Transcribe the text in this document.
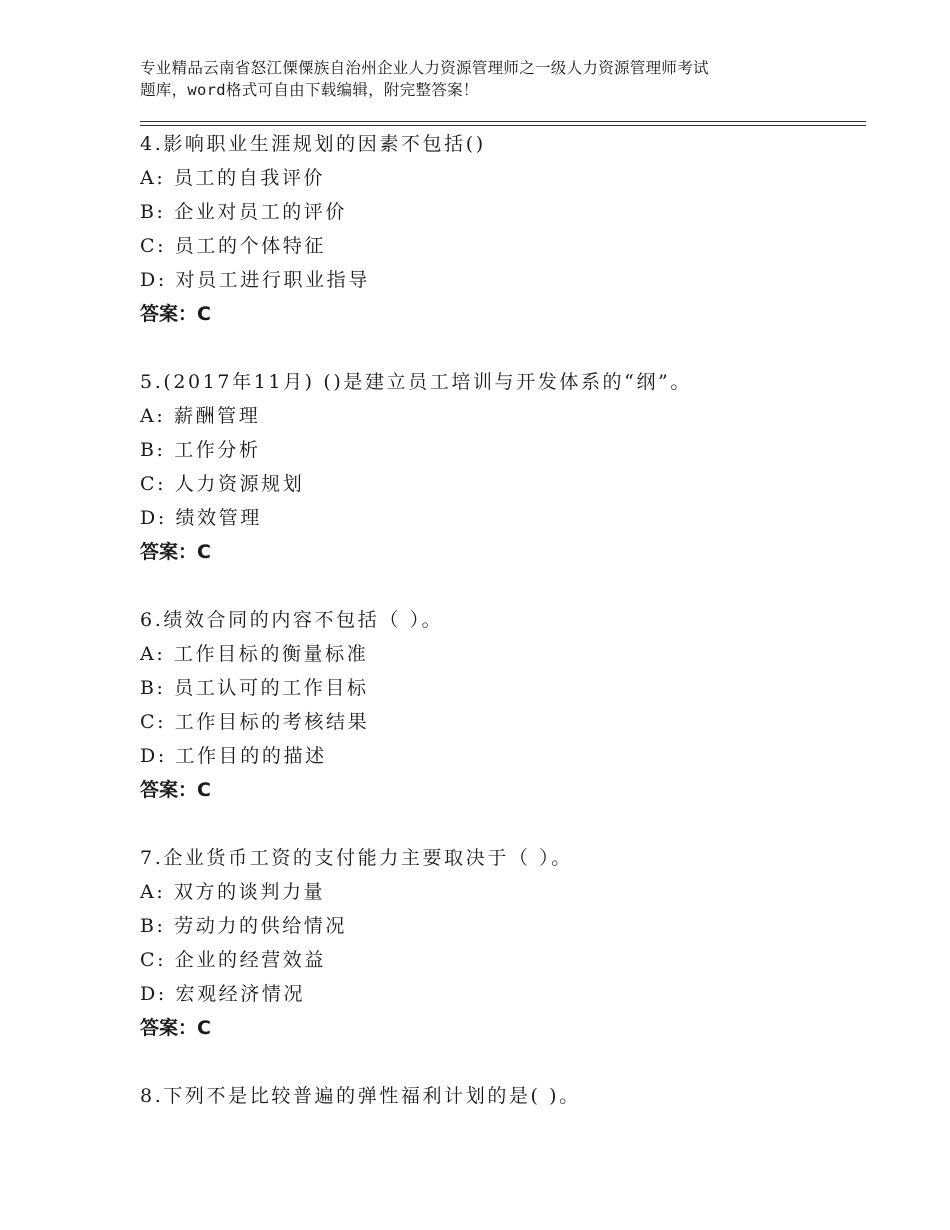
专业精品云南省怒江傈僳族自治州企业人力资源管理师之一级人力资源管理师考试
题库，word格式可自由下载编辑，附完整答案！
4.影响职业生涯规划的因素不包括()
A: 员工的自我评价
B: 企业对员工的评价
C: 员工的个体特征
D: 对员工进行职业指导
答案：C
5.(2017年11月) ()是建立员工培训与开发体系的“纲”。
A: 薪酬管理
B: 工作分析
C: 人力资源规划
D: 绩效管理
答案：C
6.绩效合同的内容不包括（ ）。
A: 工作目标的衡量标准
B: 员工认可的工作目标
C: 工作目标的考核结果
D: 工作目的的描述
答案：C
7.企业货币工资的支付能力主要取决于（ ）。
A: 双方的谈判力量
B: 劳动力的供给情况
C: 企业的经营效益
D: 宏观经济情况
答案：C
8.下列不是比较普遍的弹性福利计划的是( )。
